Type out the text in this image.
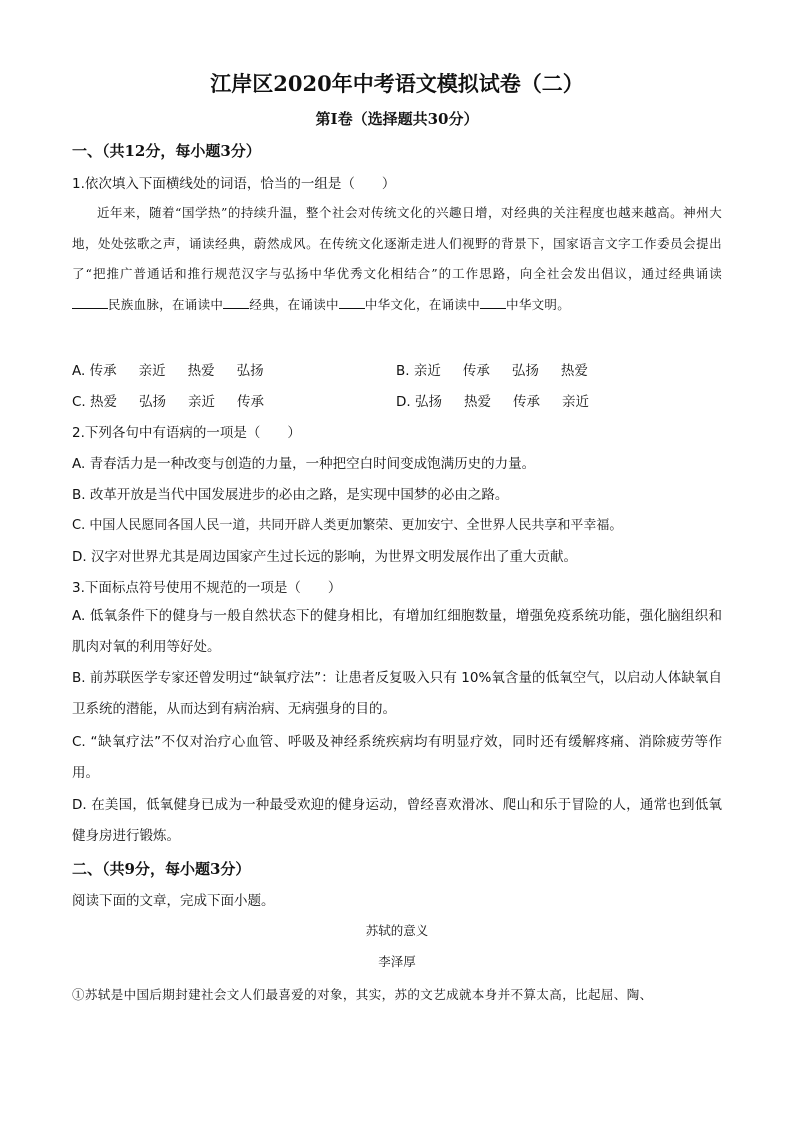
江岸区2020年中考语文模拟试卷（二）
第I卷（选择题共30分）
一、（共12分，每小题3分）
1.依次填入下面横线处的词语，恰当的一组是（　　）

近年来，随着“国学热”的持续升温，整个社会对传统文化的兴趣日增，对经典的关注程度也越来越高。神州大地，处处弦歌之声，诵读经典，蔚然成风。在传统文化逐渐走进人们视野的背景下，国家语言文字工作委员会提出了“把推广普通话和推行规范汉字与弘扬中华优秀文化相结合”的工作思路，向全社会发出倡议，通过经典诵读民族血脉，在诵读中 经典，在诵读中 中华文化，在诵读中 中华文明。

A. 传承 亲近 热爱 弘扬	B. 亲近 传承 弘扬 热爱
C. 热爱 弘扬 亲近 传承	D. 弘扬 热爱 传承 亲近
2.下列各句中有语病的一项是（　　）
A. 青春活力是一种改变与创造的力量，一种把空白时间变成饱满历史的力量。
B. 改革开放是当代中国发展进步的必由之路，是实现中国梦的必由之路。
C. 中国人民愿同各国人民一道，共同开辟人类更加繁荣、更加安宁、全世界人民共享和平幸福。
D. 汉字对世界尤其是周边国家产生过长远的影响，为世界文明发展作出了重大贡献。
3.下面标点符号使用不规范的一项是（　　）
A. 低氧条件下的健身与一般自然状态下的健身相比，有增加红细胞数量，增强免疫系统功能，强化脑组织和肌肉对氧的利用等好处。
B. 前苏联医学专家还曾发明过“缺氧疗法”：让患者反复吸入只有 10%氧含量的低氧空气，以启动人体缺氧自卫系统的潜能，从而达到有病治病、无病强身的目的。
C. “缺氧疗法”不仅对治疗心血管、呼吸及神经系统疾病均有明显疗效，同时还有缓解疼痛、消除疲劳等作用。
D. 在美国，低氧健身已成为一种最受欢迎的健身运动，曾经喜欢滑冰、爬山和乐于冒险的人，通常也到低氧健身房进行锻炼。
二、（共9分，每小题3分）
阅读下面的文章，完成下面小题。
苏轼的意义
李泽厚
①苏轼是中国后期封建社会文人们最喜爱的对象，其实，苏的文艺成就本身并不算太高，比起屈、陶、
